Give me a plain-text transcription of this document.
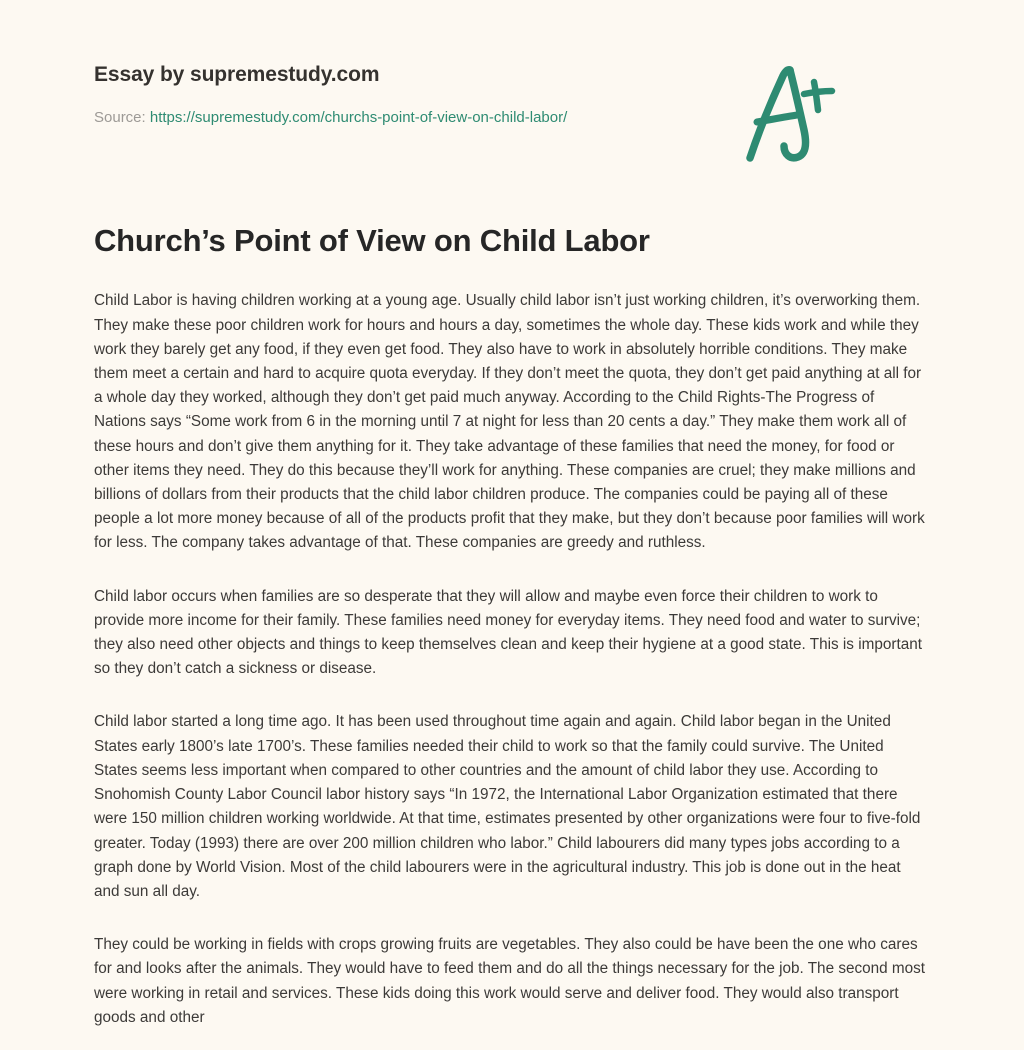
Essay by supremestudy.com
Source: https://supremestudy.com/churchs-point-of-view-on-child-labor/
Church’s Point of View on Child Labor

Child Labor is having children working at a young age. Usually child labor isn’t just working children, it’s overworking them. They make these poor children work for hours and hours a day, sometimes the whole day. These kids work and while they work they barely get any food, if they even get food. They also have to work in absolutely horrible conditions. They make them meet a certain and hard to acquire quota everyday. If they don’t meet the quota, they don’t get paid anything at all for a whole day they worked, although they don’t get paid much anyway. According to the Child Rights-The Progress of Nations says “Some work from 6 in the morning until 7 at night for less than 20 cents a day.” They make them work all of these hours and don’t give them anything for it. They take advantage of these families that need the money, for food or other items they need. They do this because they’ll work for anything. These companies are cruel; they make millions and billions of dollars from their products that the child labor children produce. The companies could be paying all of these people a lot more money because of all of the products profit that they make, but they don’t because poor families will work for less. The company takes advantage of that. These companies are greedy and ruthless.

Child labor occurs when families are so desperate that they will allow and maybe even force their children to work to provide more income for their family. These families need money for everyday items. They need food and water to survive; they also need other objects and things to keep themselves clean and keep their hygiene at a good state. This is important so they don’t catch a sickness or disease.

Child labor started a long time ago. It has been used throughout time again and again. Child labor began in the United States early 1800’s late 1700’s. These families needed their child to work so that the family could survive. The United States seems less important when compared to other countries and the amount of child labor they use. According to Snohomish County Labor Council labor history says “In 1972, the International Labor Organization estimated that there were 150 million children working worldwide. At that time, estimates presented by other organizations were four to five-fold greater. Today (1993) there are over 200 million children who labor.” Child labourers did many types jobs according to a graph done by World Vision. Most of the child labourers were in the agricultural industry. This job is done out in the heat and sun all day.

They could be working in fields with crops growing fruits are vegetables. They also could be have been the one who cares for and looks after the animals. They would have to feed them and do all the things necessary for the job. The second most were working in retail and services. These kids doing this work would serve and deliver food. They would also transport goods and other
